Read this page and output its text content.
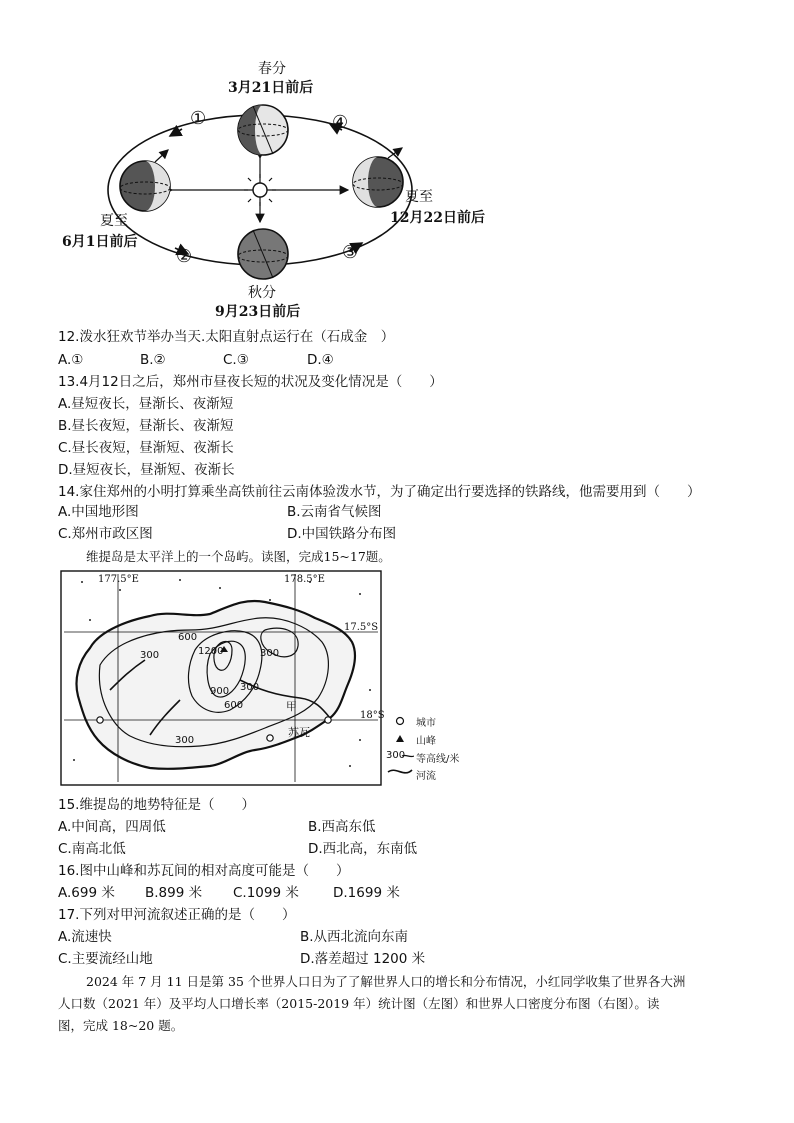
春分
3月21日前后
①	④
夏至
6月1日前后
夏至
12月22日前后
②	③
秋分
9月23日前后
12.泼水狂欢节举办当天.太阳直射点运行在（石成金　）
A.①	B.②	C.③	D.④
13.4月12日之后，郑州市昼夜长短的状况及变化情况是（　　）
A.昼短夜长，昼渐长、夜渐短
B.昼长夜短，昼渐长、夜渐短
C.昼长夜短，昼渐短、夜渐长
D.昼短夜长，昼渐短、夜渐长
14.家住郑州的小明打算乘坐高铁前往云南体验泼水节，为了确定出行要选择的铁路线，他需要用到（　　）
A.中国地形图	B.云南省气候图
C.郑州市政区图	D.中国铁路分布图
维提岛是太平洋上的一个岛屿。读图，完成15~17题。
177.5°E	178.5°E
17.5°S
18°S
600
300	300
1200
900 300
600
300
甲
苏瓦
城市
山峰
300 等高线/米
河流
15.维提岛的地势特征是（　　）
A.中间高，四周低	B.西高东低
C.南高北低	D.西北高，东南低
16.图中山峰和苏瓦间的相对高度可能是（　　）
A.699 米 B.899 米 C.1099 米	D.1699 米
17.下列对甲河流叙述正确的是（　　）
A.流速快	B.从西北流向东南
C.主要流经山地	D.落差超过 1200 米
2024 年 7 月 11 日是第 35 个世界人口日为了了解世界人口的增长和分布情况，小红同学收集了世界各大洲
人口数（2021 年）及平均人口增长率（2015-2019 年）统计图（左图）和世界人口密度分布图（右图）。读
图，完成 18~20 题。
